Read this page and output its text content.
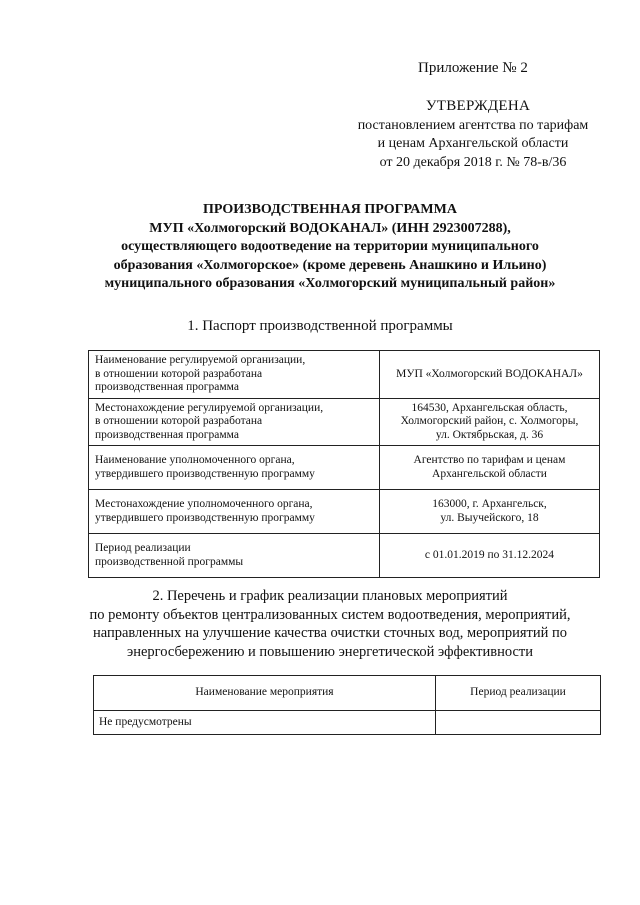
Приложение № 2
УТВЕРЖДЕНА
постановлением агентства по тарифам
и ценам Архангельской области
от 20 декабря 2018 г. № 78-в/36
ПРОИЗВОДСТВЕННАЯ ПРОГРАММА
МУП «Холмогорский ВОДОКАНАЛ» (ИНН 2923007288),
осуществляющего водоотведение на территории муниципального
образования «Холмогорское» (кроме деревень Анашкино и Ильино)
муниципального образования «Холмогорский муниципальный район»
1. Паспорт производственной программы
Наименование регулируемой организации,
в отношении которой разработана
производственная программа	МУП «Холмогорский ВОДОКАНАЛ»

Местонахождение регулируемой организации,
в отношении которой разработана
производственная программа	164530, Архангельская область,
Холмогорский район, с. Холмогоры,
ул. Октябрьская, д. 36

Наименование уполномоченного органа,
утвердившего производственную программу	Агентство по тарифам и ценам
Архангельской области

Местонахождение уполномоченного органа,
утвердившего производственную программу	163000, г. Архангельск,
ул. Выучейского, 18

Период реализации
производственной программы	с 01.01.2019 по 31.12.2024
2. Перечень и график реализации плановых мероприятий
по ремонту объектов централизованных систем водоотведения, мероприятий,
направленных на улучшение качества очистки сточных вод, мероприятий по
энергосбережению и повышению энергетической эффективности
Наименование мероприятия	Период реализации
Не предусмотрены	
